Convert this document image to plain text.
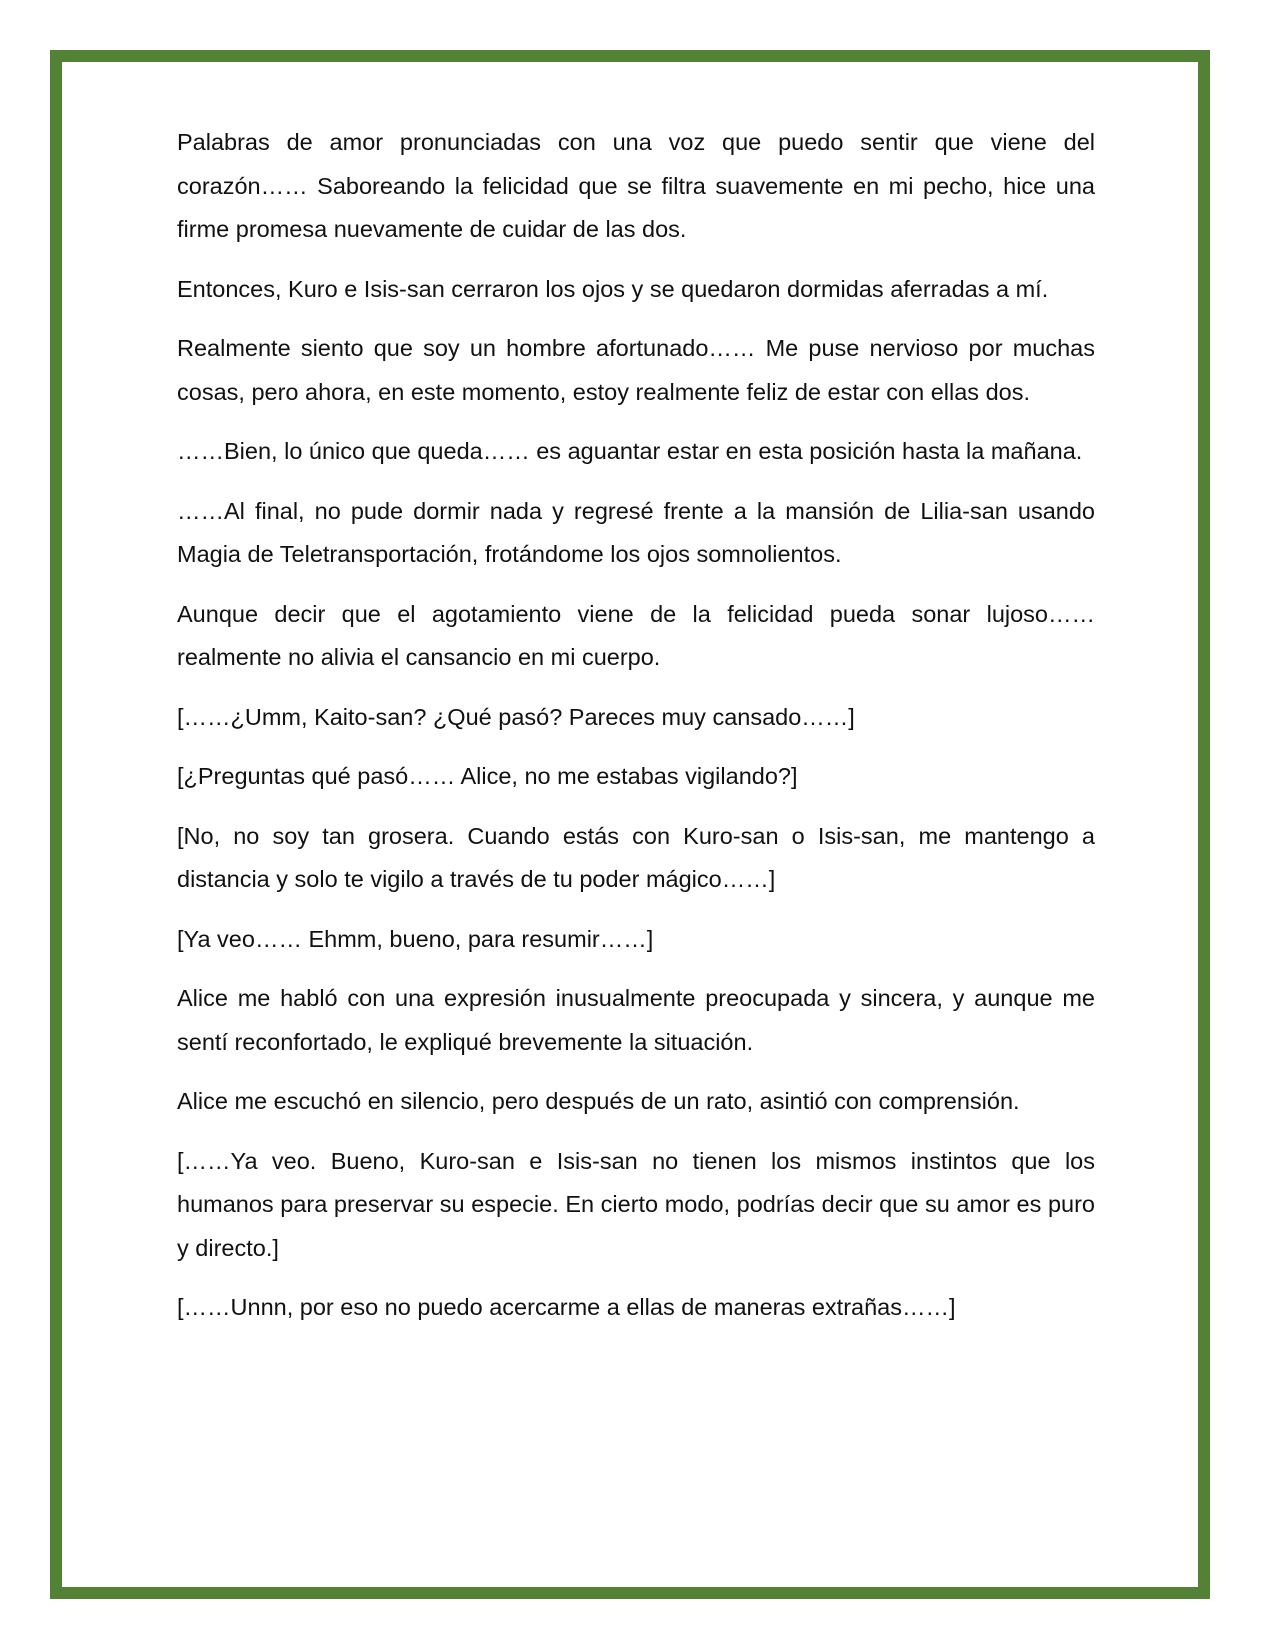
Palabras de amor pronunciadas con una voz que puedo sentir que viene del corazón…… Saboreando la felicidad que se filtra suavemente en mi pecho, hice una firme promesa nuevamente de cuidar de las dos.

Entonces, Kuro e Isis-san cerraron los ojos y se quedaron dormidas aferradas a mí.

Realmente siento que soy un hombre afortunado…… Me puse nervioso por muchas cosas, pero ahora, en este momento, estoy realmente feliz de estar con ellas dos.

……Bien, lo único que queda…… es aguantar estar en esta posición hasta la mañana.

……Al final, no pude dormir nada y regresé frente a la mansión de Lilia-san usando Magia de Teletransportación, frotándome los ojos somnolientos.

Aunque decir que el agotamiento viene de la felicidad pueda sonar lujoso…… realmente no alivia el cansancio en mi cuerpo.

[……¿Umm, Kaito-san? ¿Qué pasó? Pareces muy cansado……]

[¿Preguntas qué pasó…… Alice, no me estabas vigilando?]

[No, no soy tan grosera. Cuando estás con Kuro-san o Isis-san, me mantengo a distancia y solo te vigilo a través de tu poder mágico……]

[Ya veo…… Ehmm, bueno, para resumir……]

Alice me habló con una expresión inusualmente preocupada y sincera, y aunque me sentí reconfortado, le expliqué brevemente la situación.

Alice me escuchó en silencio, pero después de un rato, asintió con comprensión.

[……Ya veo. Bueno, Kuro-san e Isis-san no tienen los mismos instintos que los humanos para preservar su especie. En cierto modo, podrías decir que su amor es puro y directo.]

[……Unnn, por eso no puedo acercarme a ellas de maneras extrañas……]
